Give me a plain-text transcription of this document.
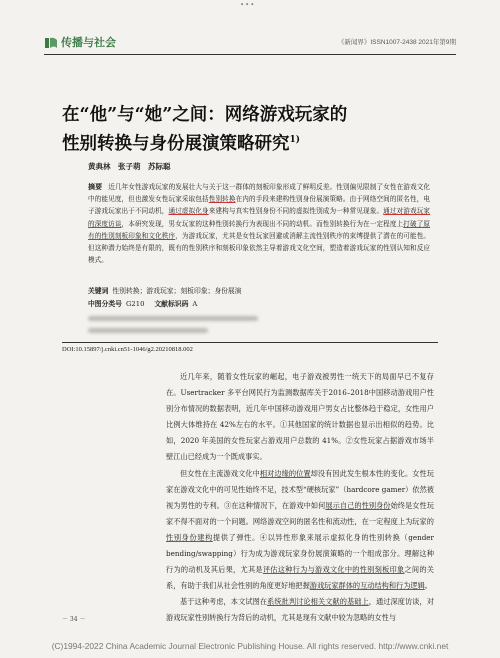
•••
传播与社会	《新闻界》ISSN1007-2438 2021年第9期
在“他”与“她”之间：网络游戏玩家的
性别转换与身份展演策略研究$^{1)}$
黄典林　张子萌　苏际聪
摘要 近几年女性游戏玩家的发展壮大与关于这一群体的刻板印象形成了鲜明反差。性别偏见限制了女性在游戏文化中的能见度，但也激发女性玩家采取包括性别转换在内的手段来建构性别身份展演策略。由于网络空间的匿名性，电子游戏玩家出于不同动机，通过虚拟化身来建构与真实性别身份不同的虚拟性别成为一种常见现象。通过对游戏玩家的深度访谈，本研究发现，男女玩家的这种性别转换行为表现出不同的动机。而性别转换行为在一定程度上打破了原有的性别刻板印象和文化秩序，为游戏玩家，尤其是女性玩家回避或消解主流性别秩序的束缚提供了潜在的可能性。但这种潜力始终是有限的，既有的性别秩序和刻板印象依然主导着游戏文化空间，塑造着游戏玩家的性别认知和反应模式。
关键词 性别转换；游戏玩家；刻板印象；身份展演
中图分类号 G210 文献标识码 A
DOI:10.15897/j.cnki.cn51-1046/g2.20210818.002

近几年来，随着女性玩家的崛起，电子游戏被男性一统天下的局面早已不复存在。Usertracker 多平台网民行为监测数据库关于2016–2018中国移动游戏用户性别分布情况的数据表明，近几年中国移动游戏用户男女占比整体趋于稳定，女性用户比例大体维持在 42%左右的水平。①其他国家的统计数据也显示出相似的趋势。比如，2020 年美国的女性玩家占游戏用户总数的 41%。②女性玩家占据游戏市场半壁江山已经成为一个既成事实。

但女性在主流游戏文化中相对边缘的位置却没有因此发生根本性的变化。女性玩家在游戏文化中的可见性始终不足，技术型“硬核玩家”（hardcore gamer）依然被视为男性的专利。③在这种情况下，在游戏中如何展示自己的性别身份始终是女性玩家不得不面对的一个问题。网络游戏空间的匿名性和流动性，在一定程度上为玩家的性别身份建构提供了弹性。④以异性形象来展示虚拟化身的性别转换（gender bending/swapping）行为成为游戏玩家身份展演策略的一个组成部分。理解这种行为的动机及其后果，尤其是评估这种行为与游戏文化中的性别刻板印象之间的关系，有助于我们从社会性别的角度更好地把握游戏玩家群体的互动结构和行为逻辑。

基于这种考虑，本文试图在系统批判讨论相关文献的基础上，通过深度访谈，对游戏玩家性别转换行为背后的动机，尤其是现有文献中较为忽略的女性与

－ 34 －
(C)1994-2022 China Academic Journal Electronic Publishing House. All rights reserved. http://www.cnki.net
